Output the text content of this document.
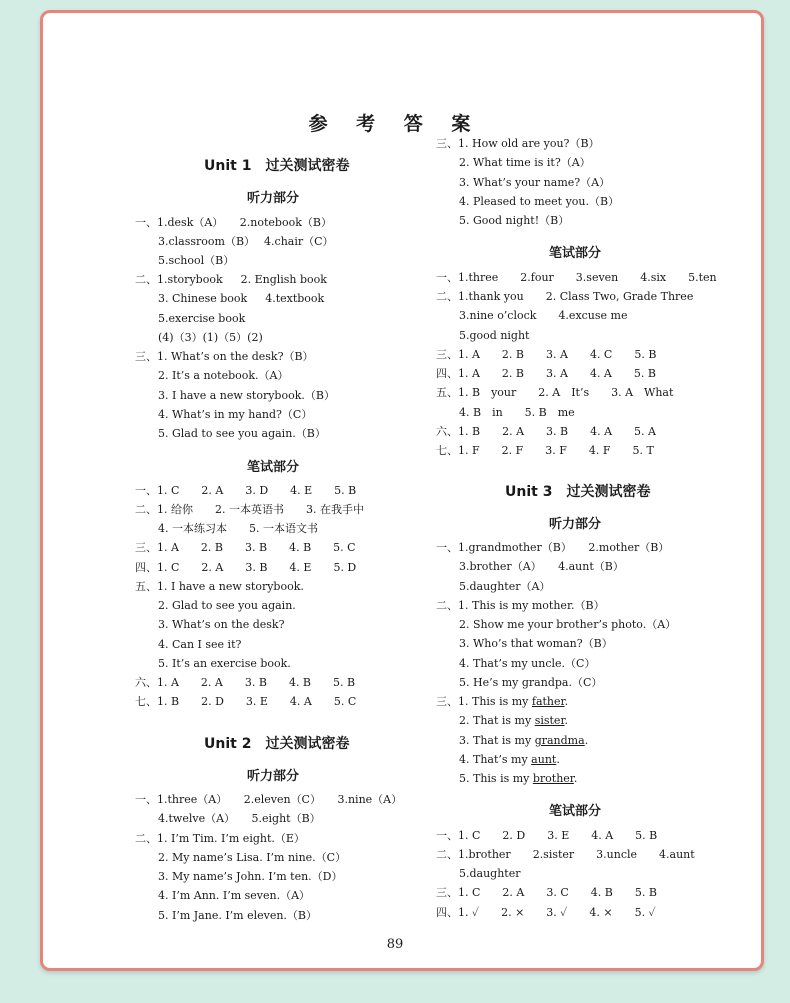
参 考 答 案
Unit 1　过关测试密卷
听力部分
一、1.desk（A）　　2.notebook（B）
3.classroom（B）　 4.chair（C）
5.school（B）
二、1.storybook　  2. English book
3. Chinese book　  4.textbook
5.exercise book
(4)（3）(1)（5）(2)
三、1. What’s on the desk?（B）
2. It’s a notebook.（A）
3. I have a new storybook.（B）
4. What’s in my hand?（C）
5. Glad to see you again.（B）
笔试部分
一、1. C　　2. A　　3. D　　4. E　　5. B
二、1. 给你　　2. 一本英语书　　3. 在我手中
4. 一本练习本　　5. 一本语文书
三、1. A　　2. B　　3. B　　4. B　　5. C
四、1. C　　2. A　　3. B　　4. E　　5. D
五、1. I have a new storybook.
2. Glad to see you again.
3. What’s on the desk?
4. Can I see it?
5. It’s an exercise book.
六、1. A　　2. A　　3. B　　4. B　　5. B
七、1. B　　2. D　　3. E　　4. A　　5. C
Unit 2　过关测试密卷
听力部分
一、1.three（A）　　2.eleven（C）　　3.nine（A）
4.twelve（A）　　5.eight（B）
二、1. I’m Tim. I’m eight.（E）
2. My name’s Lisa. I’m nine.（C）
3. My name’s John. I’m ten.（D）
4. I’m Ann. I’m seven.（A）
5. I’m Jane. I’m eleven.（B）
三、1. How old are you?（B）
2. What time is it?（A）
3. What’s your name?（A）
4. Pleased to meet you.（B）
5. Good night!（B）
笔试部分
一、1.three　　2.four　　3.seven　　4.six　　5.ten
二、1.thank you　　2. Class Two, Grade Three
3.nine o’clock　　4.excuse me
5.good night
三、1. A　　2. B　　3. A　　4. C　　5. B
四、1. A　　2. B　　3. A　　4. A　　5. B
五、1. B　your　　2. A　It’s　　3. A　What
4. B　in　　5. B　me
六、1. B　　2. A　　3. B　　4. A　　5. A
七、1. F　　2. F　　3. F　　4. F　　5. T
Unit 3　过关测试密卷
听力部分
一、1.grandmother（B）　　2.mother（B）
3.brother（A）　　4.aunt（B）
5.daughter（A）
二、1. This is my mother.（B）
2. Show me your brother’s photo.（A）
3. Who’s that woman?（B）
4. That’s my uncle.（C）
5. He’s my grandpa.（C）
三、1. This is my father.
2. That is my sister.
3. That is my grandma.
4. That’s my aunt.
5. This is my brother.
笔试部分
一、1. C　　2. D　　3. E　　4. A　　5. B
二、1.brother　　2.sister　　3.uncle　　4.aunt
5.daughter
三、1. C　　2. A　　3. C　　4. B　　5. B
四、1. ✓　　2. ×　　3. ✓　　4. ×　　5. ✓
89
